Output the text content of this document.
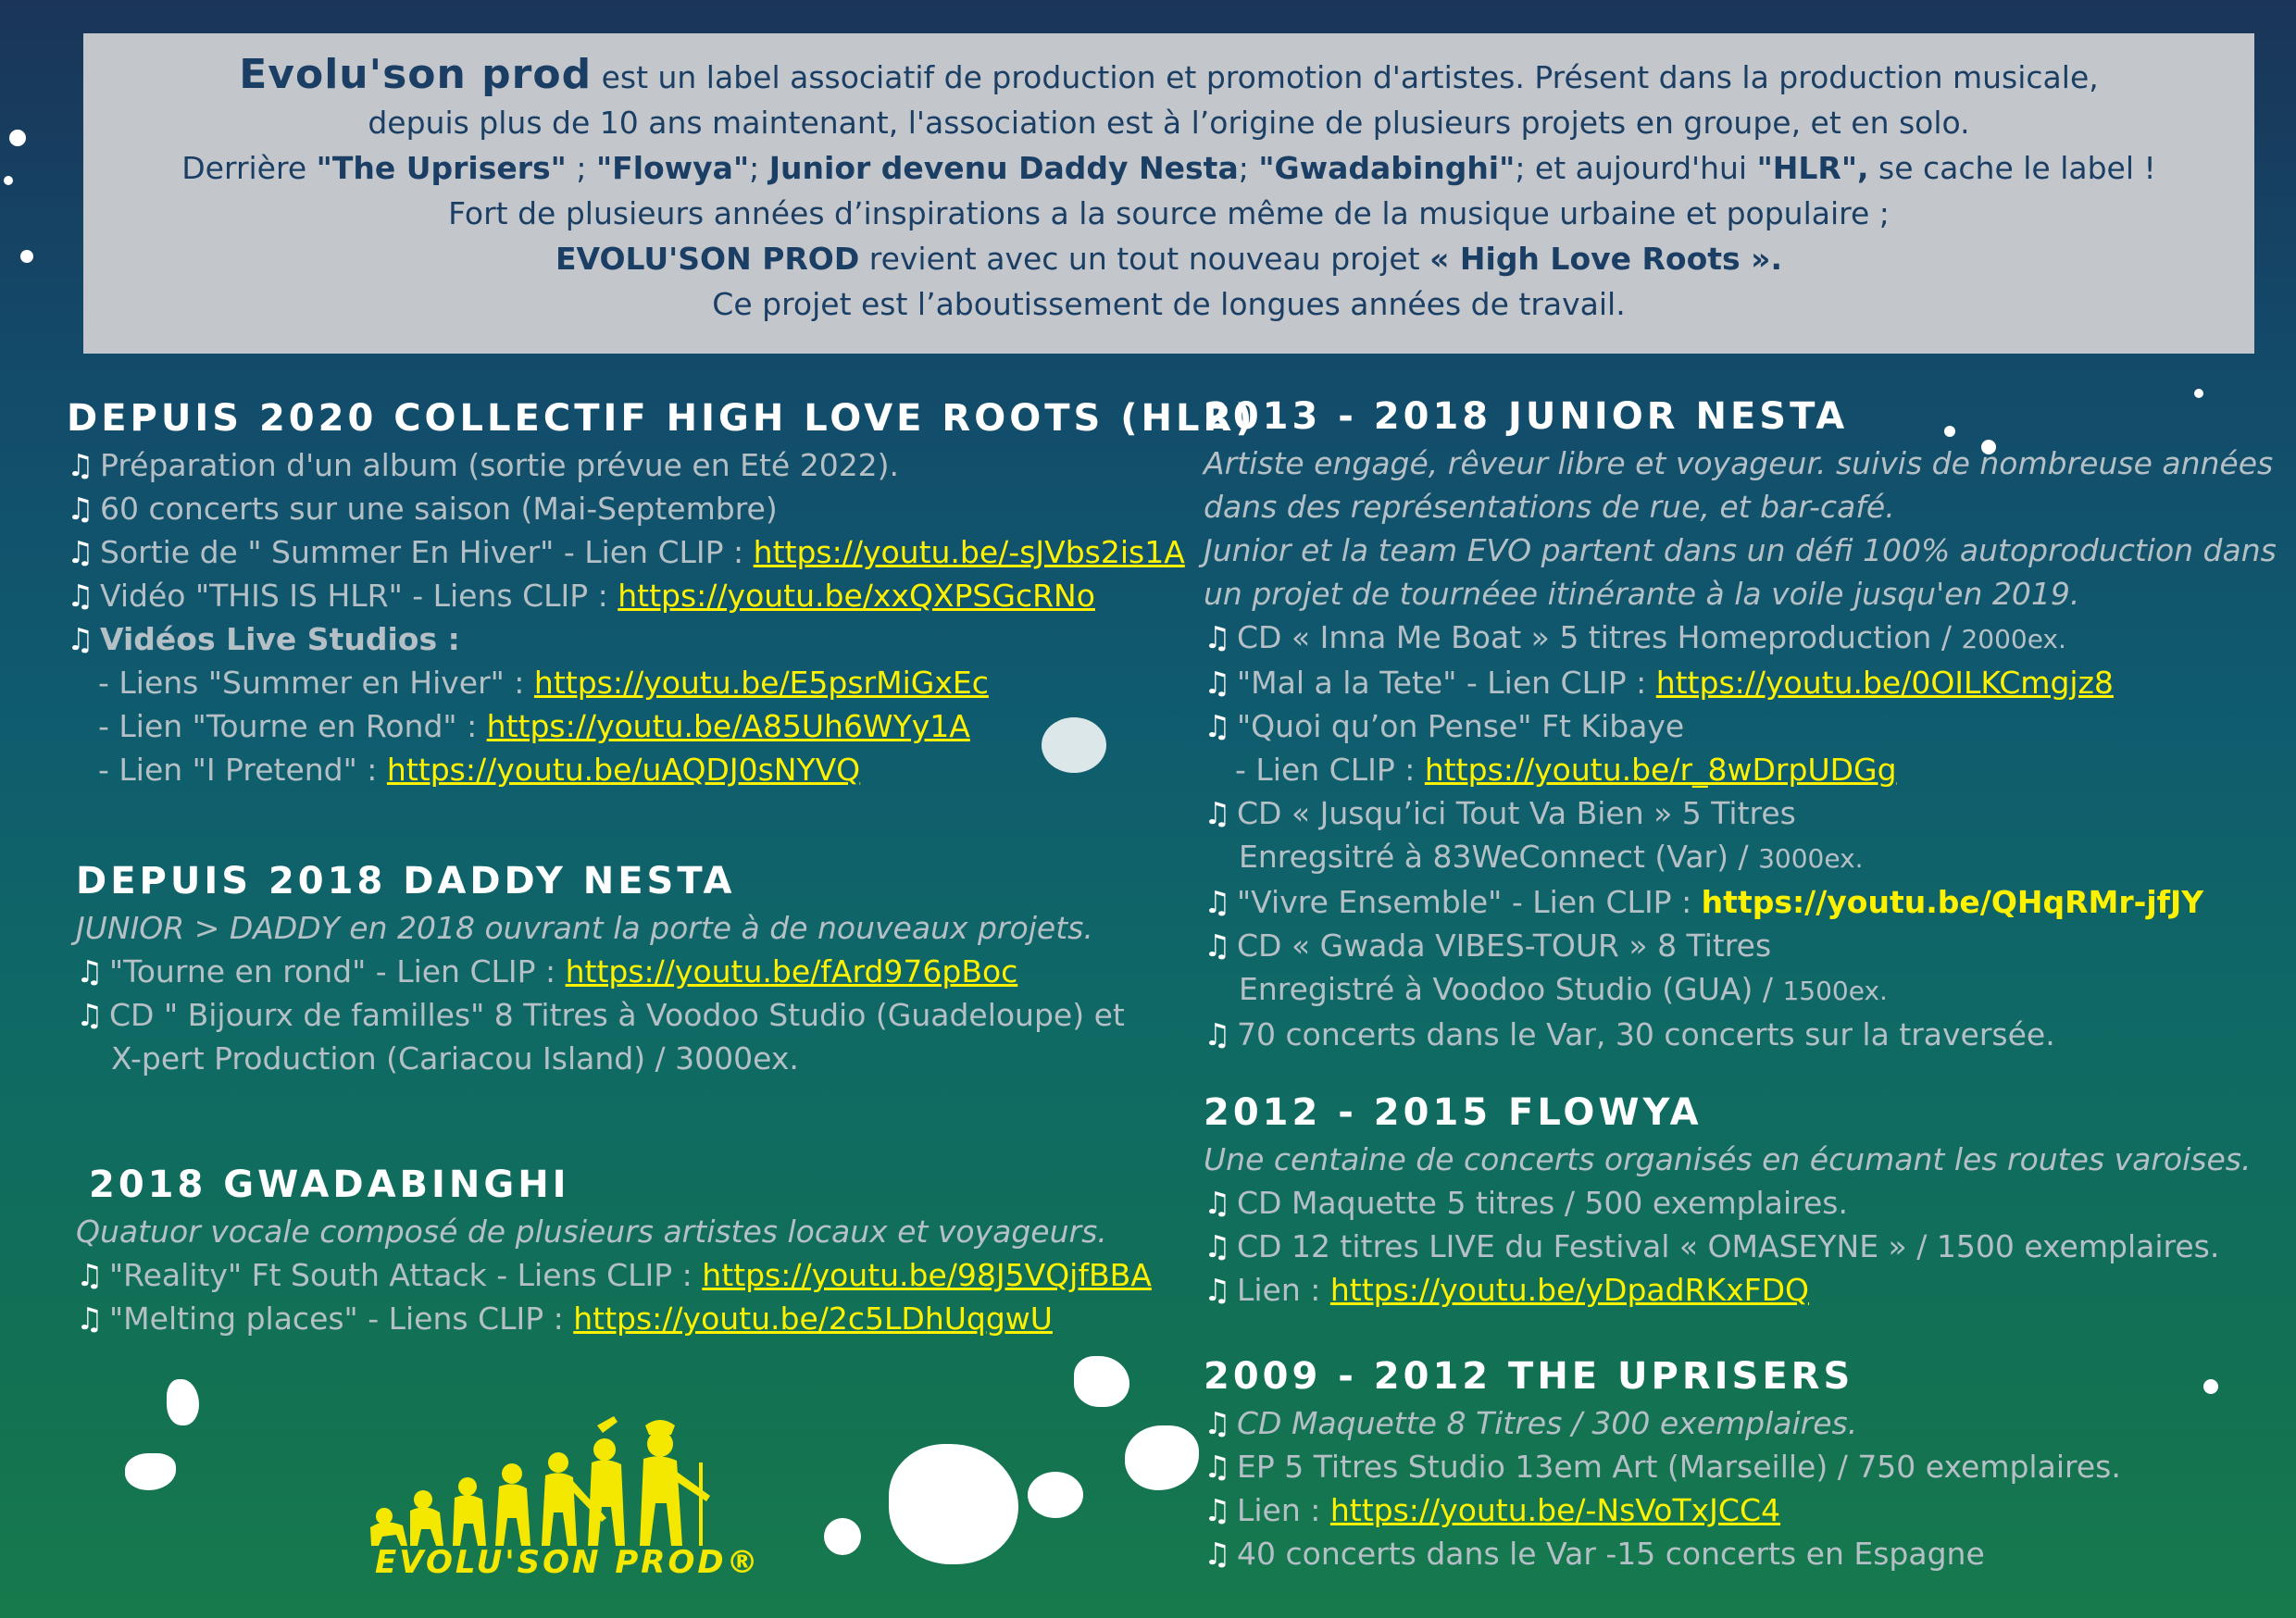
Evolu'son prod est un label associatif de production et promotion d'artistes. Présent dans la production musicale,
depuis plus de 10 ans maintenant, l'association est à l’origine de plusieurs projets en groupe, et en solo.
Derrière "The Uprisers" ; "Flowya"; Junior devenu Daddy Nesta; "Gwadabinghi"; et aujourd'hui "HLR", se cache le label !
Fort de plusieurs années d’inspirations a la source même de la musique urbaine et populaire ;
EVOLU'SON PROD revient avec un tout nouveau projet « High Love Roots ».
Ce projet est l’aboutissement de longues années de travail.
DEPUIS 2020 COLLECTIF HIGH LOVE ROOTS (HLR)
♫ Préparation d'un album (sortie prévue en Eté 2022).
♫ 60 concerts sur une saison (Mai-Septembre)
♫ Sortie de " Summer En Hiver" - Lien CLIP : https://youtu.be/-sJVbs2is1A
♫ Vidéo "THIS IS HLR" - Liens CLIP : https://youtu.be/xxQXPSGcRNo
♫ Vidéos Live Studios :
- Liens "Summer en Hiver" : https://youtu.be/E5psrMiGxEc
- Lien "Tourne en Rond" : https://youtu.be/A85Uh6WYy1A
- Lien "I Pretend" : https://youtu.be/uAQDJ0sNYVQ
DEPUIS 2018 DADDY NESTA
JUNIOR > DADDY en 2018 ouvrant la porte à de nouveaux projets.
♫ "Tourne en rond" - Lien CLIP : https://youtu.be/fArd976pBoc
♫ CD " Bijourx de familles" 8 Titres à Voodoo Studio (Guadeloupe) et
X-pert Production (Cariacou Island) / 3000ex.
2018 GWADABINGHI
Quatuor vocale composé de plusieurs artistes locaux et voyageurs.
♫ "Reality" Ft South Attack - Liens CLIP : https://youtu.be/98J5VQjfBBA
♫ "Melting places" - Liens CLIP : https://youtu.be/2c5LDhUqgwU
2013 - 2018 JUNIOR NESTA
Artiste engagé, rêveur libre et voyageur. suivis de nombreuse années
dans des représentations de rue, et bar-café.
Junior et la team EVO partent dans un défi 100% autoproduction dans
un projet de tournéee itinérante à la voile jusqu'en 2019.
♫ CD « Inna Me Boat » 5 titres Homeproduction / 2000ex.
♫ "Mal a la Tete" - Lien CLIP : https://youtu.be/0OILKCmgjz8
♫ "Quoi qu’on Pense" Ft Kibaye
- Lien CLIP : https://youtu.be/r_8wDrpUDGg
♫ CD « Jusqu’ici Tout Va Bien » 5 Titres
Enregsitré à 83WeConnect (Var) / 3000ex.
♫ "Vivre Ensemble" - Lien CLIP : https://youtu.be/QHqRMr-jfJY
♫ CD « Gwada VIBES-TOUR » 8 Titres
Enregistré à Voodoo Studio (GUA) / 1500ex.
♫ 70 concerts dans le Var, 30 concerts sur la traversée.
2012 - 2015 FLOWYA
Une centaine de concerts organisés en écumant les routes varoises.
♫ CD Maquette 5 titres / 500 exemplaires.
♫ CD 12 titres LIVE du Festival « OMASEYNE » / 1500 exemplaires.
♫ Lien : https://youtu.be/yDpadRKxFDQ
2009 - 2012 THE UPRISERS
♫ CD Maquette 8 Titres / 300 exemplaires.
♫ EP 5 Titres Studio 13em Art (Marseille) / 750 exemplaires.
♫ Lien : https://youtu.be/-NsVoTxJCC4
♫ 40 concerts dans le Var -15 concerts en Espagne
EVOLU'SON PROD®
